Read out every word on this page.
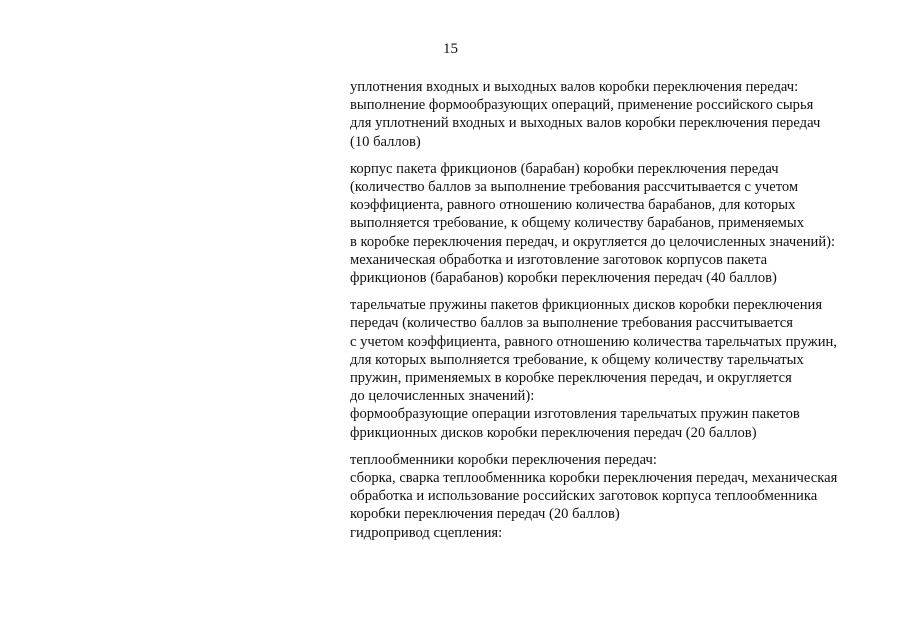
15
уплотнения входных и выходных валов коробки переключения передач:
выполнение формообразующих операций, применение российского сырья
для уплотнений входных и выходных валов коробки переключения передач
(10 баллов)
корпус пакета фрикционов (барабан) коробки переключения передач
(количество баллов за выполнение требования рассчитывается с учетом
коэффициента, равного отношению количества барабанов, для которых
выполняется требование, к общему количеству барабанов, применяемых
в коробке переключения передач, и округляется до целочисленных значений):
механическая обработка и изготовление заготовок корпусов пакета
фрикционов (барабанов) коробки переключения передач (40 баллов)
тарельчатые пружины пакетов фрикционных дисков коробки переключения
передач (количество баллов за выполнение требования рассчитывается
с учетом коэффициента, равного отношению количества тарельчатых пружин,
для которых выполняется требование, к общему количеству тарельчатых
пружин, применяемых в коробке переключения передач, и округляется
до целочисленных значений):
формообразующие операции изготовления тарельчатых пружин пакетов
фрикционных дисков коробки переключения передач (20 баллов)
теплообменники коробки переключения передач:
сборка, сварка теплообменника коробки переключения передач, механическая
обработка и использование российских заготовок корпуса теплообменника
коробки переключения передач (20 баллов)
гидропривод сцепления:
